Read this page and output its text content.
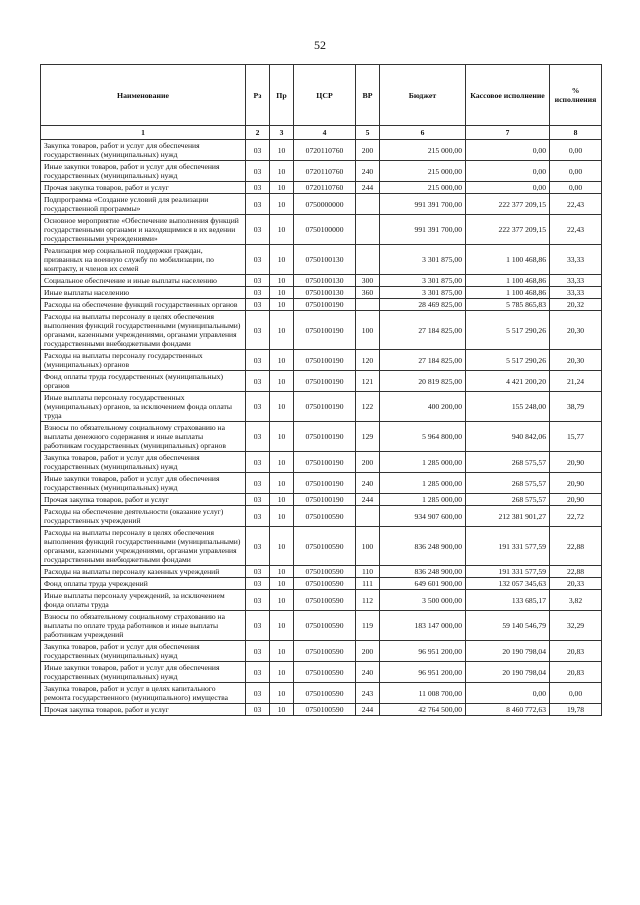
52
Наименование	Рз	Пр	ЦСР	ВР	Бюджет	Кассовое исполнение	% исполнения
1	2	3	4	5	6	7	8
Закупка товаров, работ и услуг для обеспечения государственных (муниципальных) нужд	03	10	0720110760	200	215 000,00	0,00	0,00
Иные закупки товаров, работ и услуг для обеспечения государственных (муниципальных) нужд	03	10	0720110760	240	215 000,00	0,00	0,00
Прочая закупка товаров, работ и услуг	03	10	0720110760	244	215 000,00	0,00	0,00
Подпрограмма «Создание условий для реализации государственной программы»	03	10	0750000000		991 391 700,00	222 377 209,15	22,43
Основное мероприятие «Обеспечение выполнения функций государственными органами и находящимися в их ведении государственными учреждениями»	03	10	0750100000		991 391 700,00	222 377 209,15	22,43
Реализация мер социальной поддержки граждан, призванных на военную службу по мобилизации, по контракту, и членов их семей	03	10	0750100130		3 301 875,00	1 100 468,86	33,33
Социальное обеспечение и иные выплаты населению	03	10	0750100130	300	3 301 875,00	1 100 468,86	33,33
Иные выплаты населению	03	10	0750100130	360	3 301 875,00	1 100 468,86	33,33
Расходы на обеспечение функций государственных органов	03	10	0750100190		28 469 825,00	5 785 865,83	20,32
Расходы на выплаты персоналу в целях обеспечения выполнения функций государственными (муниципальными) органами, казенными учреждениями, органами управления государственными внебюджетными фондами	03	10	0750100190	100	27 184 825,00	5 517 290,26	20,30
Расходы на выплаты персоналу государственных (муниципальных) органов	03	10	0750100190	120	27 184 825,00	5 517 290,26	20,30
Фонд оплаты труда государственных (муниципальных) органов	03	10	0750100190	121	20 819 825,00	4 421 200,20	21,24
Иные выплаты персоналу государственных (муниципальных) органов, за исключением фонда оплаты труда	03	10	0750100190	122	400 200,00	155 248,00	38,79
Взносы по обязательному социальному страхованию на выплаты денежного содержания и иные выплаты работникам государственных (муниципальных) органов	03	10	0750100190	129	5 964 800,00	940 842,06	15,77
Закупка товаров, работ и услуг для обеспечения государственных (муниципальных) нужд	03	10	0750100190	200	1 285 000,00	268 575,57	20,90
Иные закупки товаров, работ и услуг для обеспечения государственных (муниципальных) нужд	03	10	0750100190	240	1 285 000,00	268 575,57	20,90
Прочая закупка товаров, работ и услуг	03	10	0750100190	244	1 285 000,00	268 575,57	20,90
Расходы на обеспечение деятельности (оказание услуг) государственных учреждений	03	10	0750100590		934 907 600,00	212 381 901,27	22,72
Расходы на выплаты персоналу в целях обеспечения выполнения функций государственными (муниципальными) органами, казенными учреждениями, органами управления государственными внебюджетными фондами	03	10	0750100590	100	836 248 900,00	191 331 577,59	22,88
Расходы на выплаты персоналу казенных учреждений	03	10	0750100590	110	836 248 900,00	191 331 577,59	22,88
Фонд оплаты труда учреждений	03	10	0750100590	111	649 601 900,00	132 057 345,63	20,33
Иные выплаты персоналу учреждений, за исключением фонда оплаты труда	03	10	0750100590	112	3 500 000,00	133 685,17	3,82
Взносы по обязательному социальному страхованию на выплаты по оплате труда работников и иные выплаты работникам учреждений	03	10	0750100590	119	183 147 000,00	59 140 546,79	32,29
Закупка товаров, работ и услуг для обеспечения государственных (муниципальных) нужд	03	10	0750100590	200	96 951 200,00	20 190 798,04	20,83
Иные закупки товаров, работ и услуг для обеспечения государственных (муниципальных) нужд	03	10	0750100590	240	96 951 200,00	20 190 798,04	20,83
Закупка товаров, работ и услуг в целях капитального ремонта государственного (муниципального) имущества	03	10	0750100590	243	11 008 700,00	0,00	0,00
Прочая закупка товаров, работ и услуг	03	10	0750100590	244	42 764 500,00	8 460 772,63	19,78
